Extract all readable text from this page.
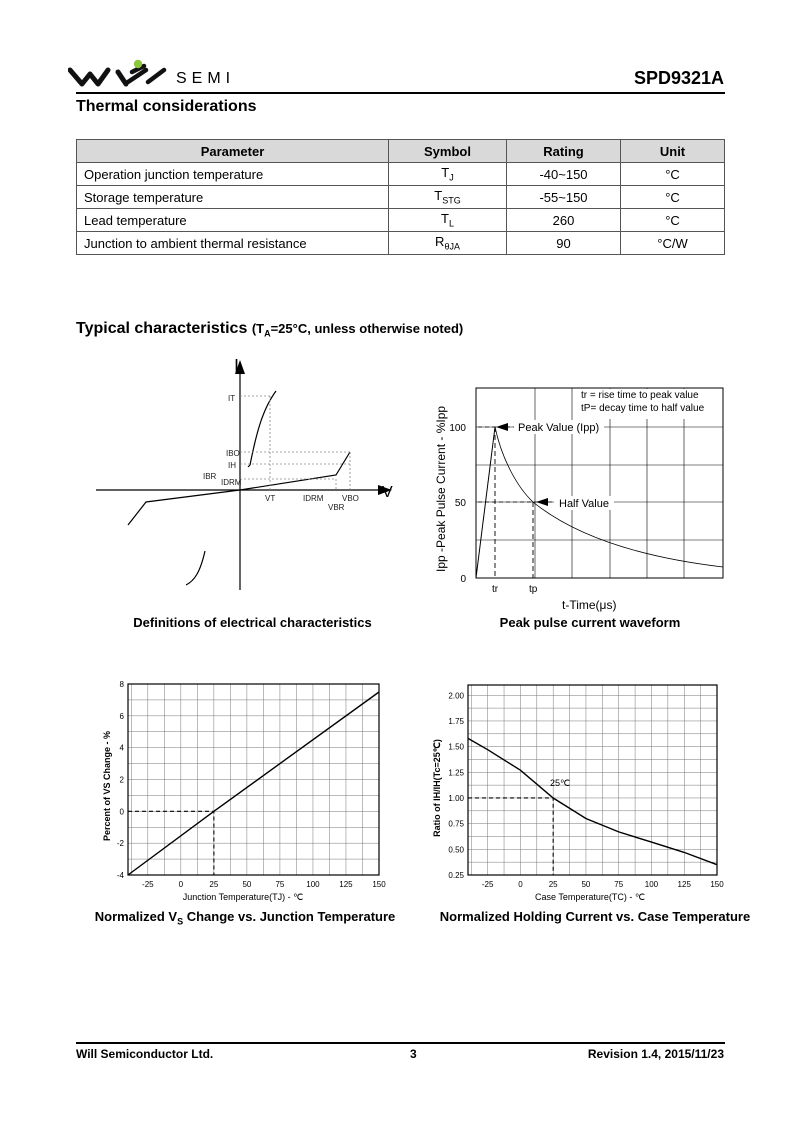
SEMI	SPD9321A
Thermal considerations
Parameter	Symbol	Rating	Unit
Operation junction temperature	$T_J$	-40~150	°C
Storage temperature	$T_{STG}$	-55~150	°C
Lead temperature	$T_L$	260	°C
Junction to ambient thermal resistance	$R_{\theta JA}$	90	°C/W
Typical characteristics ($T_A=25^\circ C$, unless otherwise noted)
I
V
IT
IBO
IH
IBR
IDRM
VT	IDRM VBO
VBR
Definitions of electrical characteristics
tr = rise time to peak value
tP= decay time to half value
Peak Value (Ipp)
Half Value
100
50
0
tr	tp
t-Time(μs)
Ipp -Peak Pulse Current - %Ipp
Peak pulse current waveform
-25	0	25	50	75	100 125 150
-4
-2
0
2
4
6
8
Junction Temperature(TJ) - ℃
Percent of VS Change - %
Normalized $V_S$ Change vs. Junction Temperature
-25	0	25	50	75	100 125 150
0.25
0.50
0.75
1.00
1.25
1.50
1.75
2.00
Case Temperature(TC) - ℃
Ratio of IH/IH(Tc=25℃)	25℃
Normalized Holding Current vs. Case Temperature
Will Semiconductor Ltd.	3	Revision 1.4, 2015/11/23
